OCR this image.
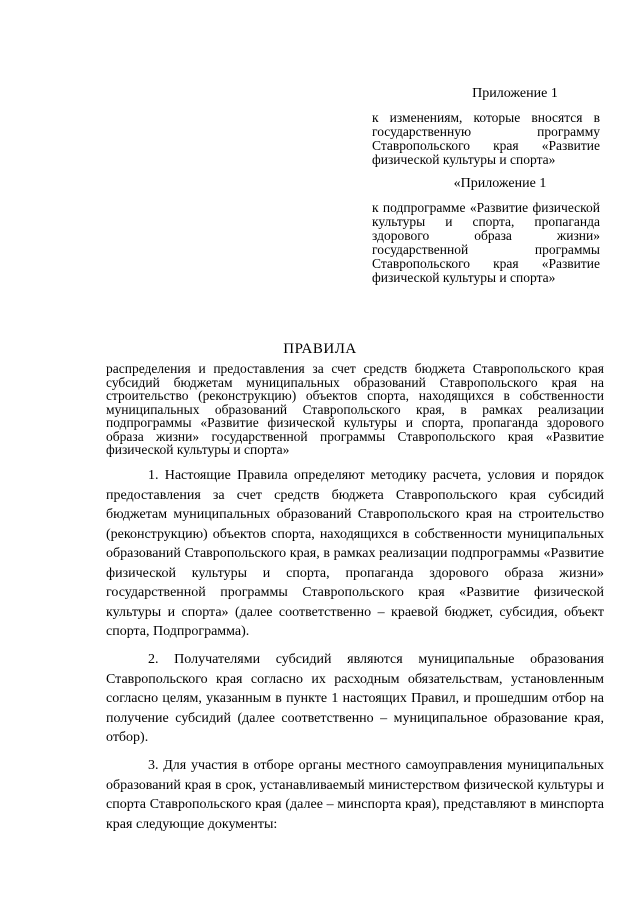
Приложение 1
к изменениям, которые вносятся в государственную программу Ставропольского края «Развитие физической культуры и спорта»
«Приложение 1
к подпрограмме «Развитие физической культуры и спорта, пропаганда здорового образа жизни» государственной программы Ставропольского края «Развитие физической культуры и спорта»
ПРАВИЛА
распределения и предоставления за счет средств бюджета Ставропольского края субсидий бюджетам муниципальных образований Ставропольского края на строительство (реконструкцию) объектов спорта, находящихся в собственности муниципальных образований Ставропольского края, в рамках реализации подпрограммы «Развитие физической культуры и спорта, пропаганда здорового образа жизни» государственной программы Ставропольского края «Развитие физической культуры и спорта»

1. Настоящие Правила определяют методику расчета, условия и порядок предоставления за счет средств бюджета Ставропольского края субсидий бюджетам муниципальных образований Ставропольского края на строительство (реконструкцию) объектов спорта, находящихся в собственности муниципальных образований Ставропольского края, в рамках реализации подпрограммы «Развитие физической культуры и спорта, пропаганда здорового образа жизни» государственной программы Ставропольского края «Развитие физической культуры и спорта» (далее соответственно – краевой бюджет, субсидия, объект спорта, Подпрограмма).

2. Получателями субсидий являются муниципальные образования Ставропольского края согласно их расходным обязательствам, установленным согласно целям, указанным в пункте 1 настоящих Правил, и прошедшим отбор на получение субсидий (далее соответственно – муниципальное образование края, отбор).

3. Для участия в отборе органы местного самоуправления муниципальных образований края в срок, устанавливаемый министерством физической культуры и спорта Ставропольского края (далее – минспорта края), представляют в минспорта края следующие документы:
